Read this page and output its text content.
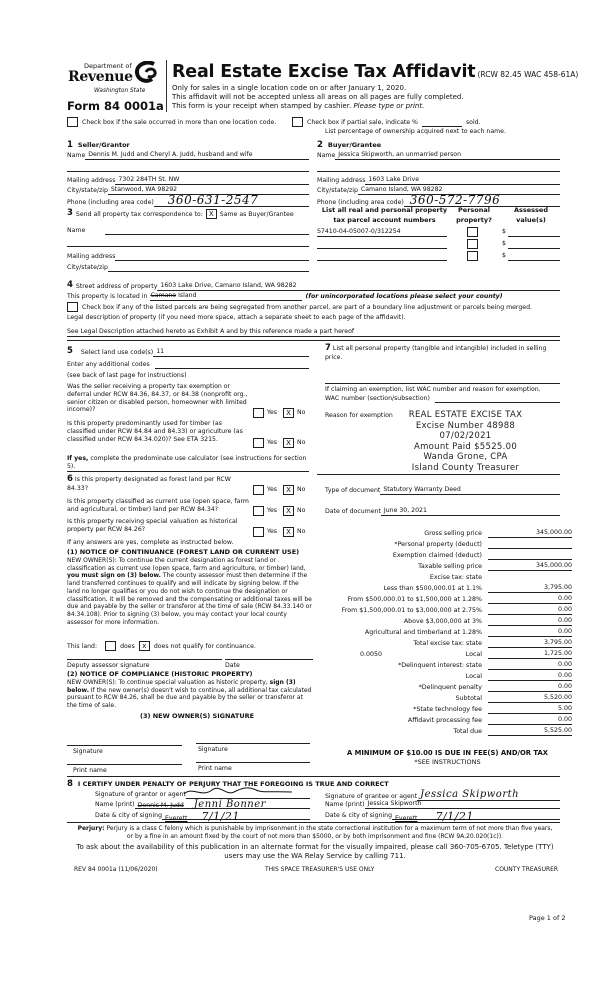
Department of
Revenue
Washington State
Form 84 0001a
Real Estate Excise Tax Affidavit (RCW 82.45 WAC 458-61A)
Only for sales in a single location code on or after January 1, 2020.
This affidavit will not be accepted unless all areas on all pages are fully completed.
This form is your receipt when stamped by cashier. Please type or print.
Check box if the sale occurred in more than one location code.	Check box if partial sale, indicate %	sold.
List percentage of ownership acquired next to each name.
1 Seller/Grantor
Name Dennis M. Judd and Cheryl A. Judd, husband and wife
Mailing address 7302 284TH St. NW
City/state/zip Stanwood, WA 98292
Phone (including area code)	360-631-2547
3 Send all property tax correspondence to: X Same as Buyer/Grantee
Name
Mailing address
City/state/zip
2 Buyer/Grantee
Name Jessica Skipworth, an unmarried person
Mailing address 1603 Lake Drive
City/state/zip Camano Island, WA 98282
Phone (including area code) 360-572-7796
List all real and personal property
tax parcel account numbers
Personal
property?
Assessed
value(s)
S7410-04-05007-0/312254	$
$
$
4 Street address of property 1603 Lake Drive, Camano Island, WA 98282
This property is located in Camano Island	(for unincorporated locations please select your county)
Check box if any of the listed parcels are being segregated from another parcel, are part of a boundary line adjustment or parcels being merged.
Legal description of property (if you need more space, attach a separate sheet to each page of the affidavit).
See Legal Description attached hereto as Exhibit A and by this reference made a part hereof
5 Select land use code(s) 11
Enter any additional codes
(see back of last page for instructions)
Was the seller receiving a property tax exemption or deferral under RCW 84.36, 84.37, or 84.38 (nonprofit org., senior citizen or disabled person, homeowner with limited income)?	Yes	X No
Is this property predominantly used for timber (as classified under RCW 84.84 and 84.33) or agriculture (as classified under RCW 84.34.020)? See ETA 3215.
Yes	X No
If yes, complete the predominate use calculator (see instructions for section 5).
6 Is this property designated as forest land per RCW 84.33?	Yes	X No
Is this property classified as current use (open space, farm and agricultural, or timber) land per RCW 84.34?	Yes	X No
Is this property receiving special valuation as historical property per RCW 84.26?	Yes	X No
If any answers are yes, complete as instructed below.
(1) NOTICE OF CONTINUANCE (FOREST LAND OR CURRENT USE)
NEW OWNER(S): To continue the current designation as forest land or classification as current use (open space, farm and agriculture, or timber) land, you must sign on (3) below. The county assessor must then determine if the land transferred continues to qualify and will indicate by signing below. If the land no longer qualifies or you do not wish to continue the designation or classification, it will be removed and the compensating or additional taxes will be due and payable by the seller or transferor at the time of sale (RCW 84.33.140 or 84.34.108). Prior to signing (3) below, you may contact your local county assessor for more information.
This land:	does	x	does not qualify for continuance.
Deputy assessor signature	Date
(2) NOTICE OF COMPLIANCE (HISTORIC PROPERTY)
NEW OWNER(S): To continue special valuation as historic property, sign (3) below. If the new owner(s) doesn't wish to continue, all additional tax calculated pursuant to RCW 84.26, shall be due and payable by the seller or transferor at the time of sale.
(3) NEW OWNER(S) SIGNATURE
Signature	Signature
Print name	Print name
7 List all personal property (tangible and intangible) included in selling price.
If claiming an exemption, list WAC number and reason for exemption.
WAC number (section/subsection)
Reason for exemption	REAL ESTATE EXCISE TAX
Excise Number 48988
07/02/2021
Amount Paid $5525.00
Wanda Grone, CPA
Island County Treasurer
Type of document Statutory Warranty Deed
Date of document June 30, 2021
Gross selling price	345,000.00
*Personal property (deduct)
Exemption claimed (deduct)
Taxable selling price	345,000.00
Excise tax: state
Less than $500,000.01 at 1.1%	3,795.00
From $500,000.01 to $1,500,000 at 1.28%	0.00
From $1,500,000.01 to $3,000,000 at 2.75%	0.00
Above $3,000,000 at 3%	0.00
Agricultural and timberland at 1.28%	0.00
Total excise tax: state	3,795.00
0.0050	Local	1,725.00
*Delinquent interest: state	0.00
Local	0.00
*Delinquent penalty	0.00
Subtotal	5,520.00
*State technology fee	5.00
Affidavit processing fee	0.00
Total due	5,525.00
A MINIMUM OF $10.00 IS DUE IN FEE(S) AND/OR TAX
*SEE INSTRUCTIONS
8 I CERTIFY UNDER PENALTY OF PERJURY THAT THE FOREGOING IS TRUE AND CORRECT
Signature of grantor or agent
Name (print) Dennis M. Judd Jenni Bonner
Date & city of signing Everett 7/1/21
Signature of grantee or agent Jessica Skipworth
Name (print) Jessica Skipworth
Date & city of signing Everett 7/1/21
Perjury: Perjury is a class C felony which is punishable by imprisonment in the state correctional institution for a maximum term of not more than five years, or by a fine in an amount fixed by the court of not more than $5000, or by both imprisonment and fine (RCW 9A.20.020(1c)).
To ask about the availability of this publication in an alternate format for the visually impaired, please call 360-705-6705. Teletype (TTY) users may use the WA Relay Service by calling 711.
REV 84 0001a (11/06/2020)	THIS SPACE TREASURER'S USE ONLY	COUNTY TREASURER
Page 1 of 2
